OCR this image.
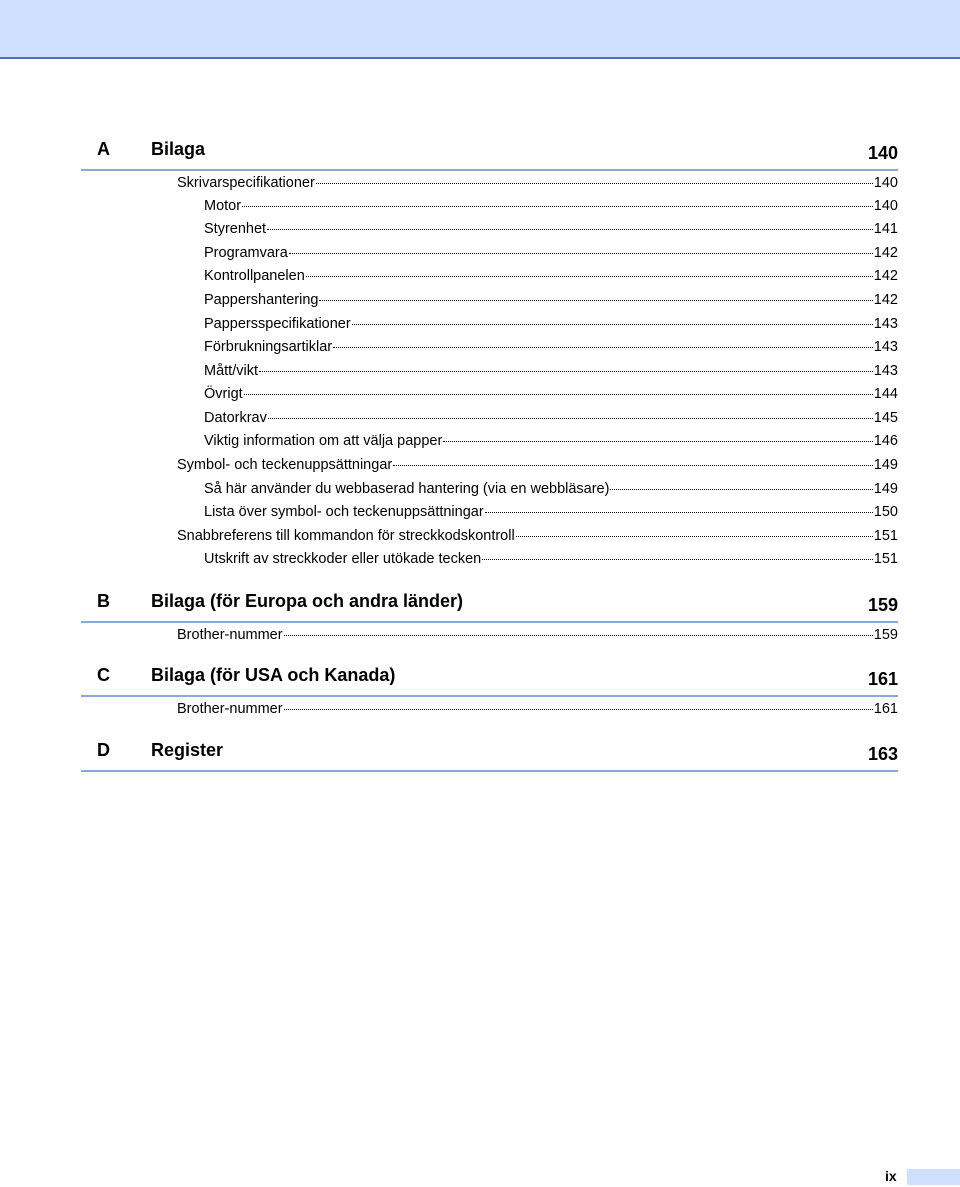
A Bilaga	140
Skrivarspecifikationer	140
Motor	140
Styrenhet	141
Programvara	142
Kontrollpanelen	142
Pappershantering	142
Pappersspecifikationer	143
Förbrukningsartiklar	143
Mått/vikt	143
Övrigt	144
Datorkrav	145
Viktig information om att välja papper	146
Symbol- och teckenuppsättningar	149
Så här använder du webbaserad hantering (via en webbläsare)	149
Lista över symbol- och teckenuppsättningar	150
Snabbreferens till kommandon för streckkodskontroll	151
Utskrift av streckkoder eller utökade tecken	151
B Bilaga (för Europa och andra länder)	159
Brother-nummer	159
C Bilaga (för USA och Kanada)	161
Brother-nummer	161
D Register	163
ix
